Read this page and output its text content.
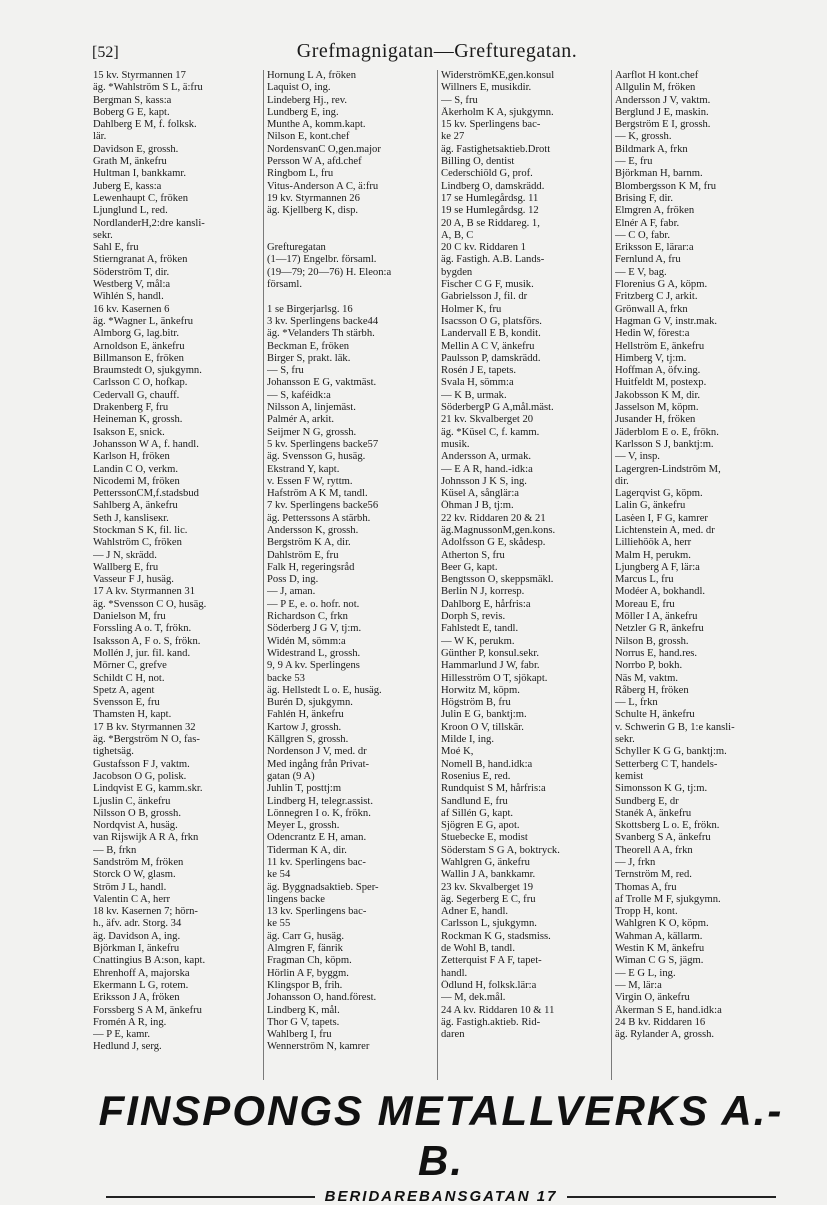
[52]	Grefmagnigatan—Grefturegatan.
15 kv. Styrmannen 17
äg. *Wahlström S L, ä:fru
Bergman S, kass:a
Boberg G E, kapt.
Dahlberg E M, f. folksk.
lär.
Davidson E, grossh.
Grath M, änkefru
Hultman I, bankkamr.
Juberg E, kass:a
Lewenhaupt C, fröken
Ljunglund L, red.
NordlanderH,2:dre kansli-
sekr.
Sahl E, fru
Stierngranat A, fröken
Söderström T, dir.
Westberg V, mål:a
Wihlén S, handl.
16 kv. Kasernen 6
äg. *Wagner L, änkefru
Almborg G, lag.bitr.
Arnoldson E, änkefru
Billmanson E, fröken
Braumstedt O, sjukgymn.
Carlsson C O, hofkap.
Cedervall G, chauff.
Drakenberg F, fru
Heineman K, grossh.
Isakson E, snick.
Johansson W A, f. handl.
Karlson H, fröken
Landin C O, verkm.
Nicodemi M, fröken
PetterssonCM,f.stadsbud
Sahlberg A, änkefru
Seth J, kansliseкr.
Stockman S K, fil. lic.
Wahlström C, fröken
— J N, skrädd.
Wallberg E, fru
Vasseur F J, husäg.
17 A kv. Styrmannen 31
äg. *Svensson C O, husäg.
Danielson M, fru
Forssling A o. T, frökn.
Isaksson A, F o. S, frökn.
Mollén J, jur. fil. kand.
Mörner C, grefve
Schildt C H, not.
Spetz A, agent
Svensson E, fru
Thamsten H, kapt.
17 B kv. Styrmannen 32
äg. *Bergström N O, fas-
tighetsäg.
Gustafsson F J, vaktm.
Jacobson O G, polisk.
Lindqvist E G, kamm.skr.
Ljuslin C, änkefru
Nilsson O B, grossh.
Nordqvist A, husäg.
van Rijswijk A R A, frkn
— B, frkn
Sandström M, fröken
Storck O W, glasm.
Ström J L, handl.
Valentin C A, herr
18 kv. Kasernen 7; hörn-
h., äfv. adr. Storg. 34
äg. Davidson A, ing.
Björkman I, änkefru
Cnattingius B A:son, kapt.
Ehrenhoff A, majorska
Ekermann L G, rotem.
Eriksson J A, fröken
Forssberg S A M, änkefru
Fromén A R, ing.
— P E, kamr.
Hedlund J, serg.
Hornung L A, fröken
Laquist O, ing.
Lindeberg Hj., rev.
Lundberg E, ing.
Munthe A, komm.kapt.
Nilson E, kont.chef
NordensvanC O,gen.major
Persson W A, afd.chef
Ringbom L, fru
Vitus-Anderson A C, ä:fru
19 kv. Styrmannen 26
äg. Kjellberg K, disp.

Grefturegatan
(1—17) Engelbr. församl.
(19—79; 20—76) H. Eleon:a
församl.

1 se Birgerjarlsg. 16
3 kv. Sperlingens backe44
äg. *Velanders Th stärbh.
Beckman E, fröken
Birger S, prakt. läk.
— S, fru
Johansson E G, vaktmäst.
— S, kaféidk:a
Nilsson A, linjemäst.
Palmér A, arkit.
Seijmer N G, grossh.
5 kv. Sperlingens backe57
äg. Svensson G, husäg.
Ekstrand Y, kapt.
v. Essen F W, ryttm.
Hafström A K M, tandl.
7 kv. Sperlingens backe56
äg. Petterssons A stärbh.
Andersson K, grossh.
Bergström K A, dir.
Dahlström E, fru
Falk H, regeringsråd
Poss D, ing.
— J, aman.
— P E, e. o. hofr. not.
Richardson C, frkn
Söderberg J G V, tj:m.
Widén M, sömm:a
Widestrand L, grossh.
9, 9 A kv. Sperlingens
backe 53
äg. Hellstedt L o. E, husäg.
Burén D, sjukgymn.
Fahlén H, änkefru
Kartow J, grossh.
Källgren S, grossh.
Nordenson J V, med. dr
Med ingång från Privat-
gatan (9 A)
Juhlin T, posttj:m
Lindberg H, telegr.assist.
Lönnegren I o. K, frökn.
Meyer L, grossh.
Odencrantz E H, aman.
Tiderman K A, dir.
11 kv. Sperlingens bac-
ke 54
äg. Byggnadsaktieb. Sper-
lingens backe
13 kv. Sperlingens bac-
ke 55
äg. Carr G, husäg.
Almgren F, fänrik
Fragman Ch, köpm.
Hörlin A F, byggm.
Klingspor B, frih.
Johansson O, hand.förest.
Lindberg K, mål.
Thor G V, tapets.
Wahlberg I, fru
Wennerström N, kamrer
WiderströmKE,gen.konsul
Willners E, musikdir.
— S, fru
Åkerholm K A, sjukgymn.
15 kv. Sperlingens bac-
ke 27
äg. Fastighetsaktieb.Drott
Billing O, dentist
Cederschiöld G, prof.
Lindberg O, damskrädd.
17 se Humlegårdsg. 11
19 se Humlegårdsg. 12
20 A, B se Riddareg. 1,
A, B, C
20 C kv. Riddaren 1
äg. Fastigh. A.B. Lands-
bygden
Fischer C G F, musik.
Gabrielsson J, fil. dr
Holmer K, fru
Isacsson O G, platsförs.
Landervall E B, kondit.
Mellin A C V, änkefru
Paulsson P, damskrädd.
Rosén J E, tapets.
Svala H, sömm:a
— K B, urmak.
SöderbergP G A,mål.mäst.
21 kv. Skvalberget 20
äg. *Küsel C, f. kamm.
musik.
Andersson A, urmak.
— E A R, hand.-idk:a
Johnsson J K S, ing.
Küsel A, sånglär:a
Öhman J B, tj:m.
22 kv. Riddaren 20 & 21
äg.MagnussonM,gen.kons.
Adolfsson G E, skådesp.
Atherton S, fru
Beer G, kapt.
Bengtsson O, skeppsmäkl.
Berlin N J, korresp.
Dahlborg E, hårfris:a
Dorph S, revis.
Fahlstedt E, tandl.
— W K, perukm.
Günther P, konsul.sekr.
Hammarlund J W, fabr.
Hillesström O T, sjökapt.
Horwitz M, köpm.
Högström B, fru
Julin E G, banktj:m.
Kroon O V, tillskär.
Milde I, ing.
Moé K,
Nomell B, hand.idk:a
Rosenius E, red.
Rundquist S M, hårfris:a
Sandlund E, fru
af Sillén G, kapt.
Sjögren E G, apot.
Stuebecke E, modist
Söderstam S G A, boktryck.
Wahlgren G, änkefru
Wallin J A, bankkamr.
23 kv. Skvalberget 19
äg. Segerberg E C, fru
Adner E, handl.
Carlsson L, sjukgymn.
Rockman K G, stadsmiss.
de Wohl B, tandl.
Zetterquist F A F, tapet-
handl.
Ödlund H, folksk.lär:a
— M, dek.mål.
24 A kv. Riddaren 10 & 11
äg. Fastigh.aktieb. Rid-
daren
Aarflot H kont.chef
Allgulin M, fröken
Andersson J V, vaktm.
Berglund J E, maskin.
Bergström E I, grossh.
— K, grossh.
Bildmark A, frkn
— E, fru
Björkman H, barnm.
Blombergsson K M, fru
Brising F, dir.
Elmgren A, fröken
Elnér A F, fabr.
— C O, fabr.
Eriksson E, lärar:a
Fernlund A, fru
— E V, bag.
Florenius G A, köpm.
Fritzberg C J, arkit.
Grönwall A, frkn
Hagman G V, instr.mak.
Hedin W, förest:a
Hellström E, änkefru
Himberg V, tj:m.
Hoffman A, öfv.ing.
Huitfeldt M, postexp.
Jakobsson K M, dir.
Jasselson M, köpm.
Jusander H, fröken
Jäderblom E o. E, frökn.
Karlsson S J, banktj:m.
— V, insp.
Lagergren-Lindström M,
dir.
Lagerqvist G, köpm.
Lalin G, änkefru
Lasėen I, F G, kamrer
Lichtenstein A, med. dr
Lilliehöök A, herr
Malm H, perukm.
Ljungberg A F, lär:a
Marcus L, fru
Modéer A, bokhandl.
Moreau E, fru
Möller I A, änkefru
Netzler G R, änkefru
Nilson B, grossh.
Norrus E, hand.res.
Norrbo P, bokh.
Näs M, vaktm.
Råberg H, fröken
— L, frkn
Schulte H, änkefru
v. Schwerin G B, 1:e kansli-
sekr.
Schyller K G G, banktj:m.
Setterberg C T, handels-
kemist
Simonsson K G, tj:m.
Sundberg E, dr
Stanék A, änkefru
Skottsberg L o. E, frökn.
Svanberg S A, änkefru
Theorell A A, frkn
— J, frkn
Ternström M, red.
Thomas A, fru
af Trolle M F, sjukgymn.
Tropp H, kont.
Wahlgren K O, köpm.
Wahman A, källarm.
Westin K M, änkefru
Wiman C G S, jägm.
— E G L, ing.
— M, lär:a
Virgin O, änkefru
Åkerman S E, hand.idk:a
24 B kv. Riddaren 16
äg. Rylander A, grossh.
FINSPONGS METALLVERKS A.-B.
BERIDAREBANSGATAN 17
